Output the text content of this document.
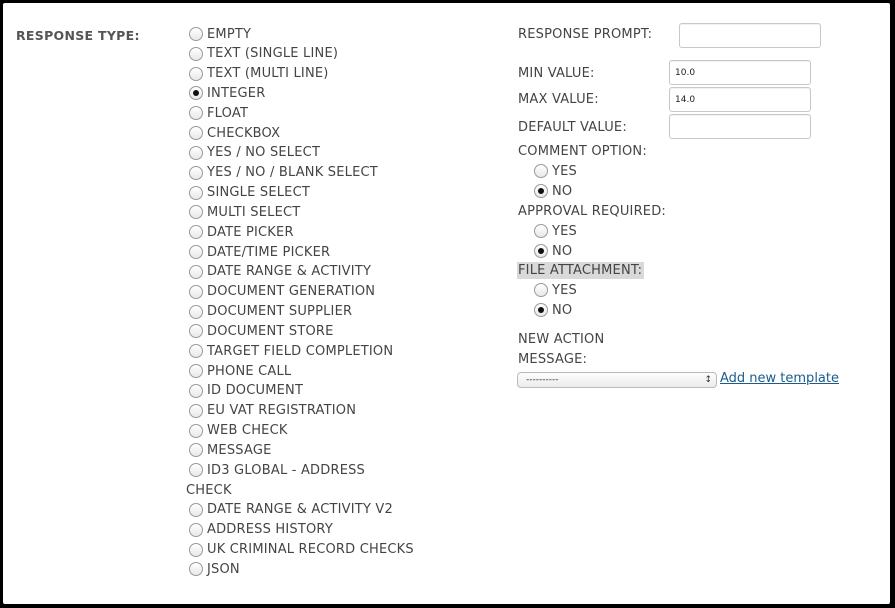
RESPONSE TYPE:	EMPTY
TEXT (SINGLE LINE)
TEXT (MULTI LINE)
INTEGER
FLOAT
CHECKBOX
YES / NO SELECT
YES / NO / BLANK SELECT
SINGLE SELECT
MULTI SELECT
DATE PICKER
DATE/TIME PICKER
DATE RANGE & ACTIVITY
DOCUMENT GENERATION
DOCUMENT SUPPLIER
DOCUMENT STORE
TARGET FIELD COMPLETION
PHONE CALL
ID DOCUMENT
EU VAT REGISTRATION
WEB CHECK
MESSAGE
ID3 GLOBAL - ADDRESS
DATE RANGE & ACTIVITY V2
ADDRESS HISTORY
UK CRIMINAL RECORD CHECKS
JSON
CHECK
RESPONSE PROMPT:
MIN VALUE:	10.0
MAX VALUE:	14.0
DEFAULT VALUE:
COMMENT OPTION:
YES
NO
APPROVAL REQUIRED:
YES
NO
FILE ATTACHMENT:
YES
NO
NEW ACTION
MESSAGE:
----------	↕ Add new template
